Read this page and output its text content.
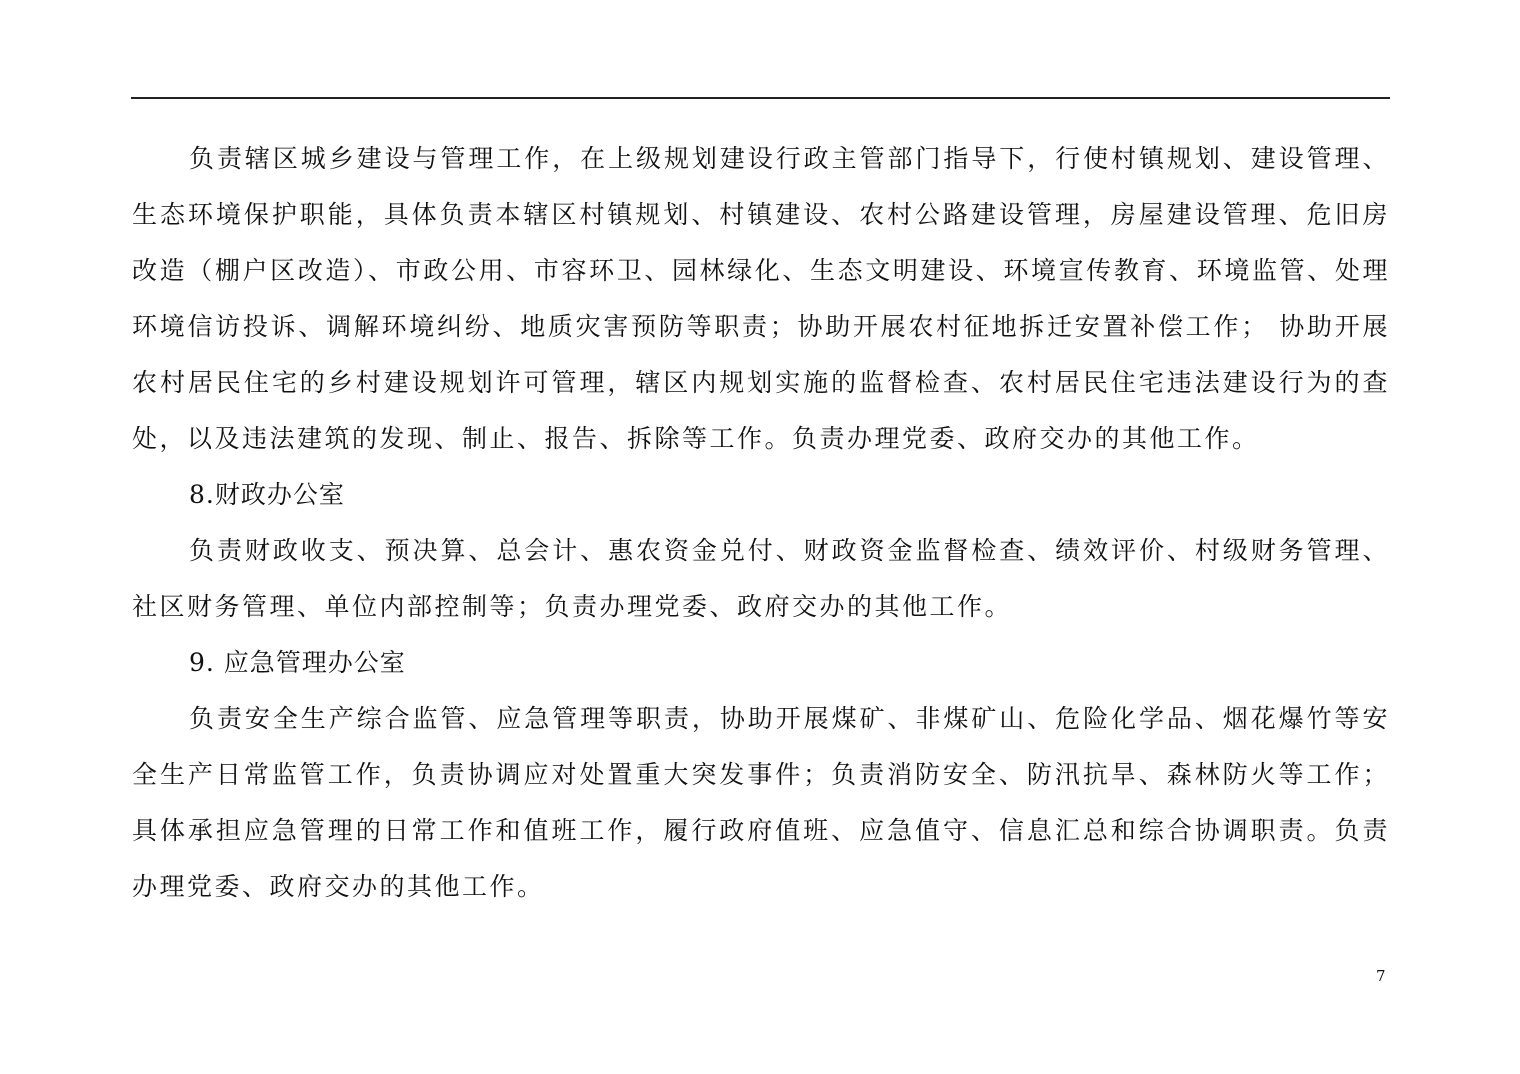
负责辖区城乡建设与管理工作，在上级规划建设行政主管部门指导下，行使村镇规划、建设管理、生态环境保护职能，具体负责本辖区村镇规划、村镇建设、农村公路建设管理，房屋建设管理、危旧房改造（棚户区改造）、市政公用、市容环卫、园林绿化、生态文明建设、环境宣传教育、环境监管、处理环境信访投诉、调解环境纠纷、地质灾害预防等职责；协助开展农村征地拆迁安置补偿工作； 协助开展农村居民住宅的乡村建设规划许可管理，辖区内规划实施的监督检查、农村居民住宅违法建设行为的查处，以及违法建筑的发现、制止、报告、拆除等工作。负责办理党委、政府交办的其他工作。

8.财政办公室

负责财政收支、预决算、总会计、惠农资金兑付、财政资金监督检查、绩效评价、村级财务管理、社区财务管理、单位内部控制等；负责办理党委、政府交办的其他工作。

9. 应急管理办公室

负责安全生产综合监管、应急管理等职责，协助开展煤矿、非煤矿山、危险化学品、烟花爆竹等安全生产日常监管工作，负责协调应对处置重大突发事件；负责消防安全、防汛抗旱、森林防火等工作；具体承担应急管理的日常工作和值班工作，履行政府值班、应急值守、信息汇总和综合协调职责。负责办理党委、政府交办的其他工作。

7
